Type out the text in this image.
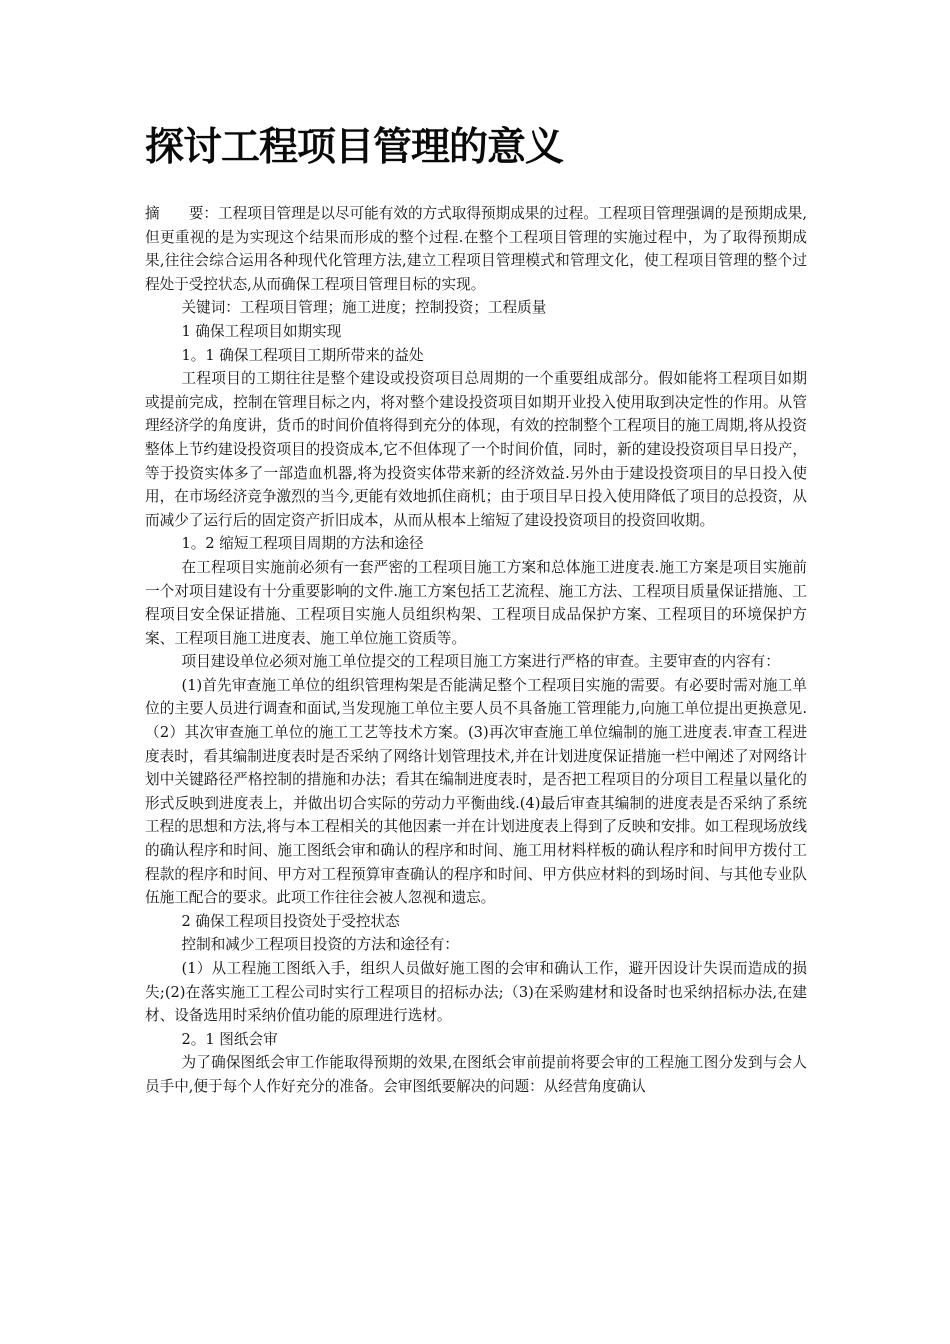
探讨工程项目管理的意义

摘　　要：工程项目管理是以尽可能有效的方式取得预期成果的过程。工程项目管理强调的是预期成果,但更重视的是为实现这个结果而形成的整个过程.在整个工程项目管理的实施过程中，为了取得预期成果,往往会综合运用各种现代化管理方法,建立工程项目管理模式和管理文化，使工程项目管理的整个过程处于受控状态,从而确保工程项目管理目标的实现。

关键词：工程项目管理；施工进度；控制投资；工程质量

1 确保工程项目如期实现

1。1 确保工程项目工期所带来的益处

工程项目的工期往往是整个建设或投资项目总周期的一个重要组成部分。假如能将工程项目如期或提前完成，控制在管理目标之内，将对整个建设投资项目如期开业投入使用取到决定性的作用。从管理经济学的角度讲，货币的时间价值将得到充分的体现，有效的控制整个工程项目的施工周期,将从投资整体上节约建设投资项目的投资成本,它不但体现了一个时间价值，同时，新的建设投资项目早日投产，等于投资实体多了一部造血机器,将为投资实体带来新的经济效益.另外由于建设投资项目的早日投入使用，在市场经济竞争激烈的当今,更能有效地抓住商机；由于项目早日投入使用降低了项目的总投资，从而减少了运行后的固定资产折旧成本，从而从根本上缩短了建设投资项目的投资回收期。

1。2 缩短工程项目周期的方法和途径

在工程项目实施前必须有一套严密的工程项目施工方案和总体施工进度表.施工方案是项目实施前一个对项目建设有十分重要影响的文件.施工方案包括工艺流程、施工方法、工程项目质量保证措施、工程项目安全保证措施、工程项目实施人员组织构架、工程项目成品保护方案、工程项目的环境保护方案、工程项目施工进度表、施工单位施工资质等。

项目建设单位必须对施工单位提交的工程项目施工方案进行严格的审查。主要审查的内容有：

(1)首先审查施工单位的组织管理构架是否能满足整个工程项目实施的需要。有必要时需对施工单位的主要人员进行调查和面试,当发现施工单位主要人员不具备施工管理能力,向施工单位提出更换意见.（2）其次审查施工单位的施工工艺等技术方案。(3)再次审查施工单位编制的施工进度表.审查工程进度表时，看其编制进度表时是否采纳了网络计划管理技术,并在计划进度保证措施一栏中阐述了对网络计划中关键路径严格控制的措施和办法；看其在编制进度表时，是否把工程项目的分项目工程量以量化的形式反映到进度表上，并做出切合实际的劳动力平衡曲线.(4)最后审查其编制的进度表是否采纳了系统工程的思想和方法,将与本工程相关的其他因素一并在计划进度表上得到了反映和安排。如工程现场放线的确认程序和时间、施工图纸会审和确认的程序和时间、施工用材料样板的确认程序和时间甲方拨付工程款的程序和时间、甲方对工程预算审查确认的程序和时间、甲方供应材料的到场时间、与其他专业队伍施工配合的要求。此项工作往往会被人忽视和遗忘。

2 确保工程项目投资处于受控状态

控制和减少工程项目投资的方法和途径有：

(1）从工程施工图纸入手，组织人员做好施工图的会审和确认工作，避开因设计失误而造成的损失;(2)在落实施工工程公司时实行工程项目的招标办法;（3)在采购建材和设备时也采纳招标办法,在建材、设备选用时采纳价值功能的原理进行选材。

2。1 图纸会审

为了确保图纸会审工作能取得预期的效果,在图纸会审前提前将要会审的工程施工图分发到与会人员手中,便于每个人作好充分的准备。会审图纸要解决的问题：从经营角度确认
